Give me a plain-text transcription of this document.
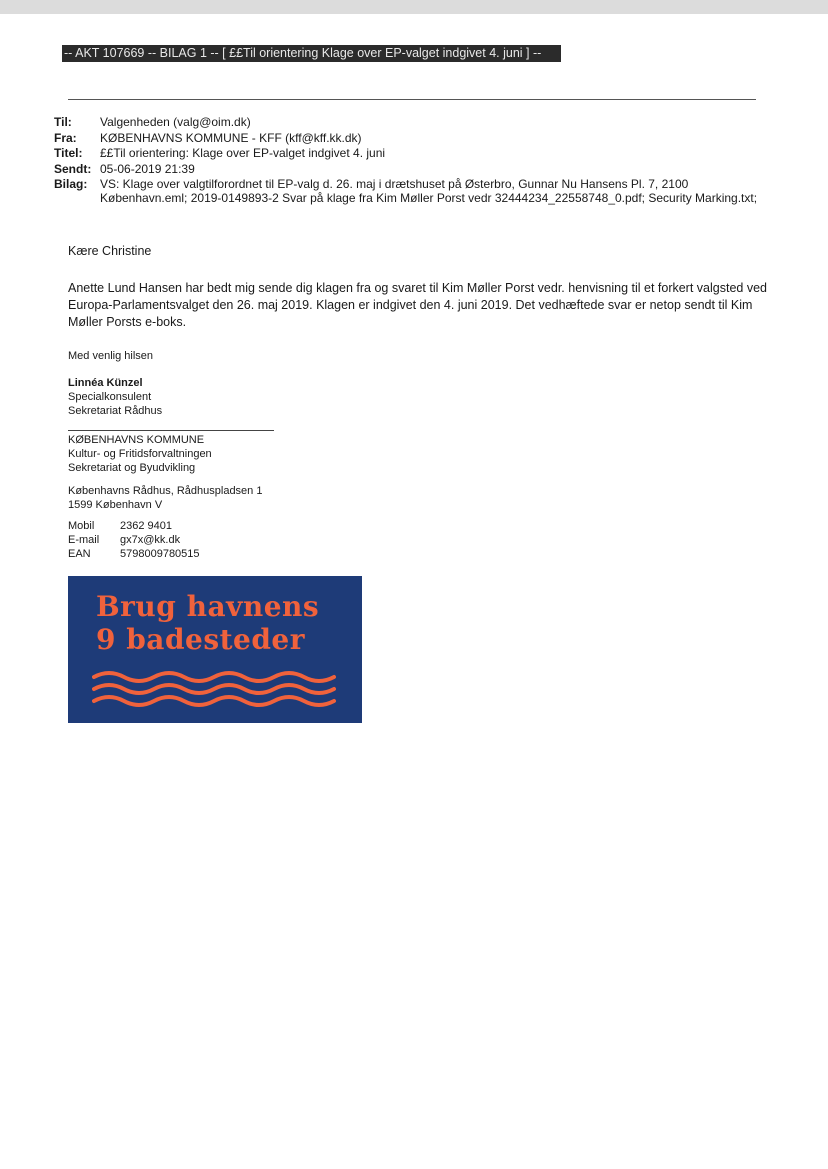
-- AKT 107669 -- BILAG 1 -- [ ££Til orientering Klage over EP-valget indgivet 4. juni ] --
Til:	Valgenheden (valg@oim.dk)
Fra:	KØBENHAVNS KOMMUNE - KFF (kff@kff.kk.dk)
Titel:	££Til orientering: Klage over EP-valget indgivet 4. juni
Sendt: 05-06-2019 21:39
Bilag:	VS: Klage over valgtilforordnet til EP-valg d. 26. maj i drætshuset på Østerbro, Gunnar Nu Hansens Pl. 7, 2100 København.eml; 2019-0149893-2 Svar på klage fra Kim Møller Porst vedr 32444234_22558748_0.pdf; Security Marking.txt;
Kære Christine
Anette Lund Hansen har bedt mig sende dig klagen fra og svaret til Kim Møller Porst vedr. henvisning til et forkert valgsted ved Europa-Parlamentsvalget den 26. maj 2019. Klagen er indgivet den 4. juni 2019. Det vedhæftede svar er netop sendt til Kim Møller Porsts e-boks.
Med venlig hilsen
Linnéa Künzel
Specialkonsulent
Sekretariat Rådhus
KØBENHAVNS KOMMUNE
Kultur- og Fritidsforvaltningen
Sekretariat og Byudvikling
Københavns Rådhus, Rådhuspladsen 1
1599 København V
Mobil	2362 9401
E-mail	gx7x@kk.dk
EAN	5798009780515
Brug havnens
9 badesteder
